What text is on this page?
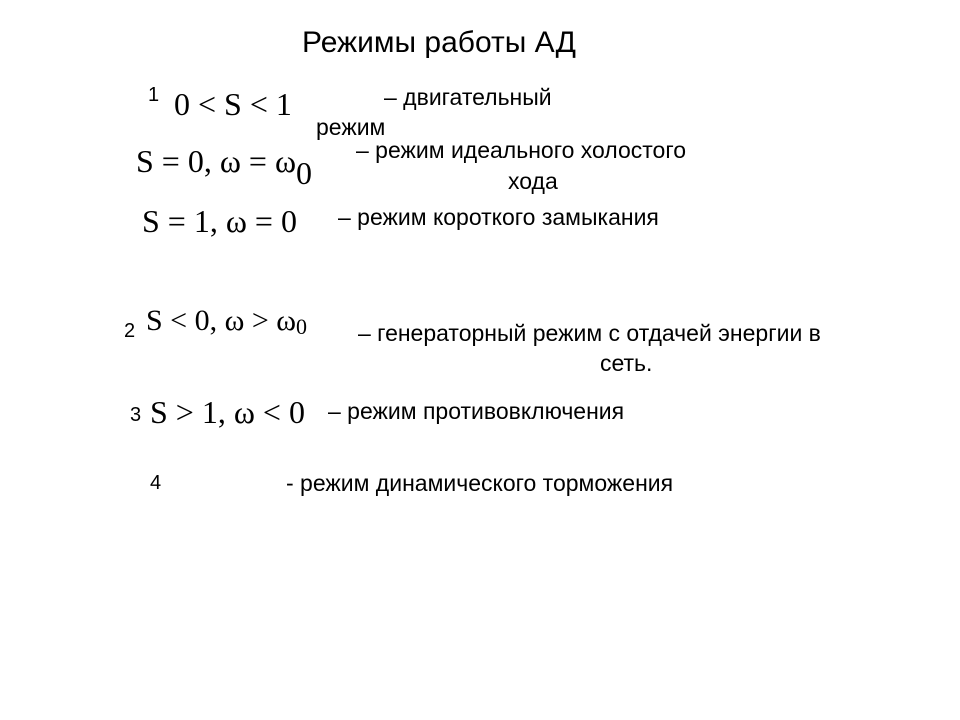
Режимы работы АД
1 0 < S < 1	– двигательный
режим
S = 0, ω = ω0
– режим идеального холостого
хода
S = 1, ω = 0 – режим короткого замыкания
2 S < 0, $\omega > \omega_0$ – генераторный режим с отдачей энергии в
сеть.
3 S > 1, ω < 0 – режим противовключения
4	- режим динамического торможения
